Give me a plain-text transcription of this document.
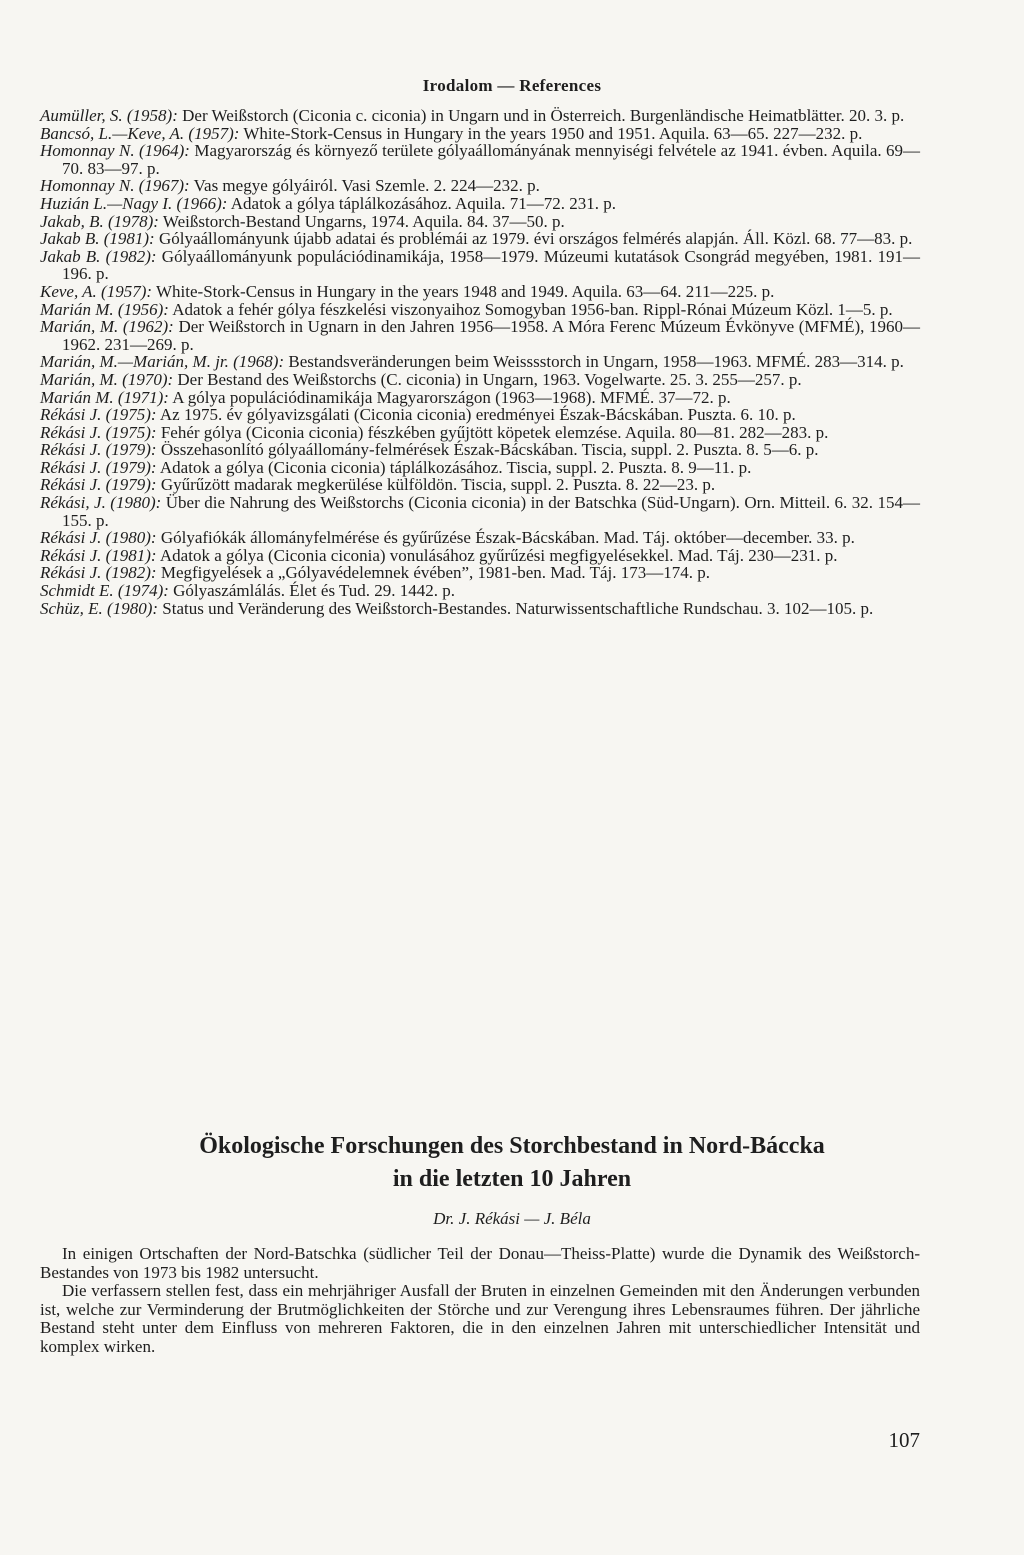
Irodalom — References

Aumüller, S. (1958): Der Weißstorch (Ciconia c. ciconia) in Ungarn und in Österreich. Burgenländische Heimatblätter. 20. 3. p.

Bancsó, L.—Keve, A. (1957): White-Stork-Census in Hungary in the years 1950 and 1951. Aquila. 63—65. 227—232. p.

Homonnay N. (1964): Magyarország és környező területe gólyaállományának mennyiségi felvétele az 1941. évben. Aquila. 69—70. 83—97. p.

Homonnay N. (1967): Vas megye gólyáiról. Vasi Szemle. 2. 224—232. p.

Huzián L.—Nagy I. (1966): Adatok a gólya táplálkozásához. Aquila. 71—72. 231. p.

Jakab, B. (1978): Weißstorch-Bestand Ungarns, 1974. Aquila. 84. 37—50. p.

Jakab B. (1981): Gólyaállományunk újabb adatai és problémái az 1979. évi országos felmérés alapján. Áll. Közl. 68. 77—83. p.

Jakab B. (1982): Gólyaállományunk populációdinamikája, 1958—1979. Múzeumi kutatások Csongrád megyében, 1981. 191—196. p.

Keve, A. (1957): White-Stork-Census in Hungary in the years 1948 and 1949. Aquila. 63—64. 211—225. p.

Marián M. (1956): Adatok a fehér gólya fészkelési viszonyaihoz Somogyban 1956-ban. Rippl-Rónai Múzeum Közl. 1—5. p.

Marián, M. (1962): Der Weißstorch in Ugnarn in den Jahren 1956—1958. A Móra Ferenc Múzeum Évkönyve (MFMÉ), 1960—1962. 231—269. p.

Marián, M.—Marián, M. jr. (1968): Bestandsveränderungen beim Weisssstorch in Ungarn, 1958—1963. MFMÉ. 283—314. p.

Marián, M. (1970): Der Bestand des Weißstorchs (C. ciconia) in Ungarn, 1963. Vogelwarte. 25. 3. 255—257. p.

Marián M. (1971): A gólya populációdinamikája Magyarországon (1963—1968). MFMÉ. 37—72. p.

Rékási J. (1975): Az 1975. év gólyavizsgálati (Ciconia ciconia) eredményei Észak-Bácskában. Puszta. 6. 10. p.

Rékási J. (1975): Fehér gólya (Ciconia ciconia) fészkében gyűjtött köpetek elemzése. Aquila. 80—81. 282—283. p.

Rékási J. (1979): Összehasonlító gólyaállomány-felmérések Észak-Bácskában. Tiscia, suppl. 2. Puszta. 8. 5—6. p.

Rékási J. (1979): Adatok a gólya (Ciconia ciconia) táplálkozásához. Tiscia, suppl. 2. Puszta. 8. 9—11. p.

Rékási J. (1979): Gyűrűzött madarak megkerülése külföldön. Tiscia, suppl. 2. Puszta. 8. 22—23. p.

Rékási, J. (1980): Über die Nahrung des Weißstorchs (Ciconia ciconia) in der Batschka (Süd-Ungarn). Orn. Mitteil. 6. 32. 154—155. p.

Rékási J. (1980): Gólyafiókák állományfelmérése és gyűrűzése Észak-Bácskában. Mad. Táj. október—december. 33. p.

Rékási J. (1981): Adatok a gólya (Ciconia ciconia) vonulásához gyűrűzési megfigyelésekkel. Mad. Táj. 230—231. p.

Rékási J. (1982): Megfigyelések a „Gólyavédelemnek évében”, 1981-ben. Mad. Táj. 173—174. p.

Schmidt E. (1974): Gólyaszámlálás. Élet és Tud. 29. 1442. p.

Schüz, E. (1980): Status und Veränderung des Weißstorch-Bestandes. Naturwissentschaftliche Rundschau. 3. 102—105. p.

Ökologische Forschungen des Storchbestand in Nord-Báccka
in die letzten 10 Jahren
Dr. J. Rékási — J. Béla

In einigen Ortschaften der Nord-Batschka (südlicher Teil der Donau—Theiss-Platte) wurde die Dynamik des Weißstorch-Bestandes von 1973 bis 1982 untersucht.

Die verfassern stellen fest, dass ein mehrjähriger Ausfall der Bruten in einzelnen Gemeinden mit den Änderungen verbunden ist, welche zur Verminderung der Brutmöglichkeiten der Störche und zur Verengung ihres Lebensraumes führen. Der jährliche Bestand steht unter dem Einfluss von mehreren Faktoren, die in den einzelnen Jahren mit unterschiedlicher Intensität und komplex wirken.

107
